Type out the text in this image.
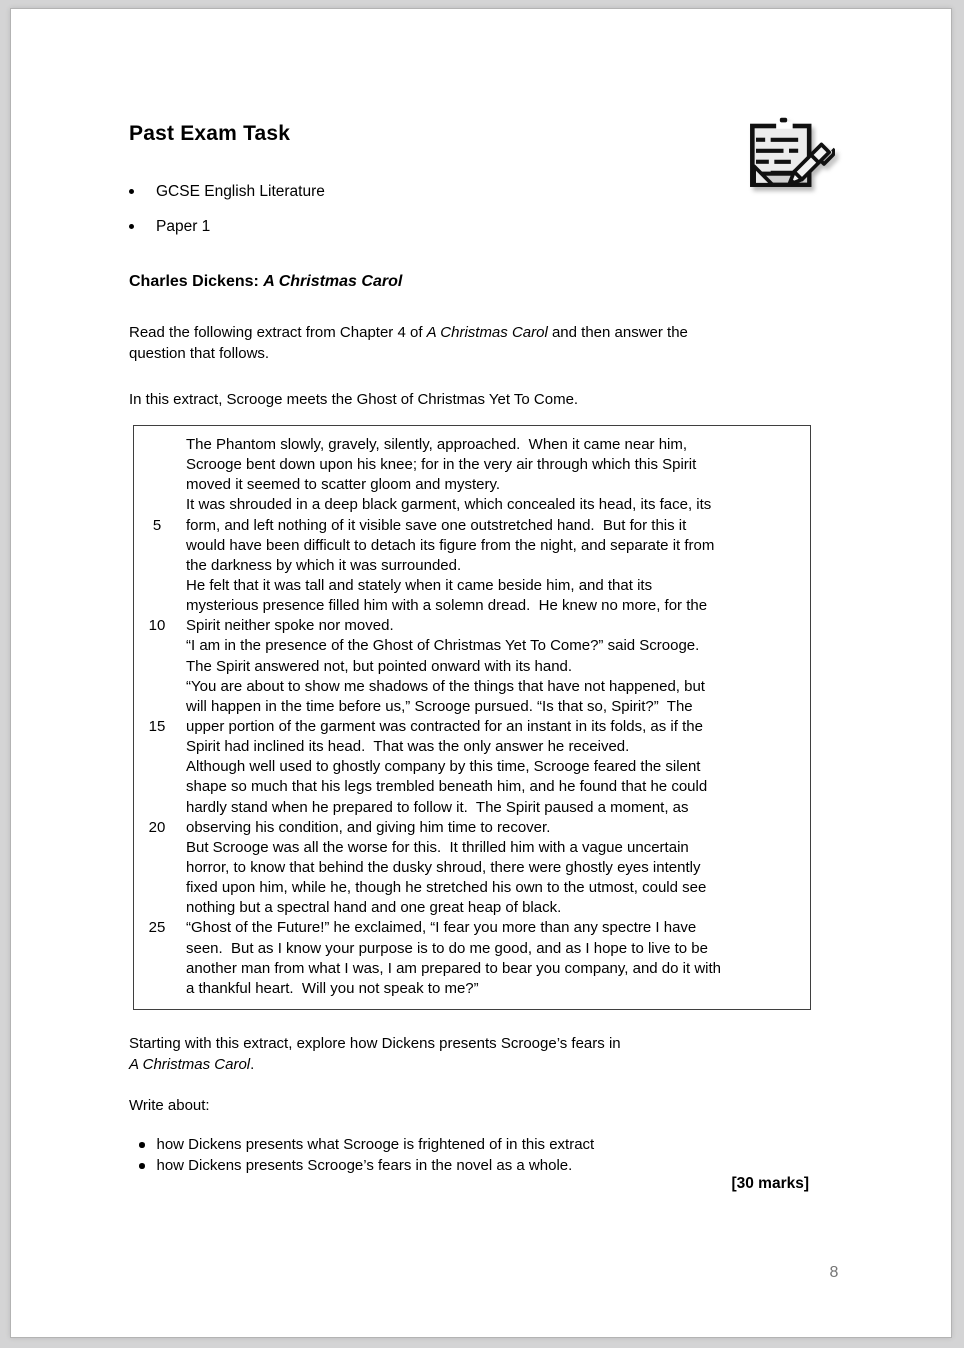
Past Exam Task
GCSE English Literature
Paper 1
Charles Dickens: A Christmas Carol
Read the following extract from Chapter 4 of A Christmas Carol and then answer the
question that follows.
In this extract, Scrooge meets the Ghost of Christmas Yet To Come.
The Phantom slowly, gravely, silently, approached.  When it came near him,
Scrooge bent down upon his knee; for in the very air through which this Spirit
moved it seemed to scatter gloom and mystery.
It was shrouded in a deep black garment, which concealed its head, its face, its
5	form, and left nothing of it visible save one outstretched hand.  But for this it
would have been difficult to detach its figure from the night, and separate it from
the darkness by which it was surrounded.
He felt that it was tall and stately when it came beside him, and that its
mysterious presence filled him with a solemn dread.  He knew no more, for the
10	Spirit neither spoke nor moved.
“I am in the presence of the Ghost of Christmas Yet To Come?” said Scrooge.
The Spirit answered not, but pointed onward with its hand.
“You are about to show me shadows of the things that have not happened, but
will happen in the time before us,” Scrooge pursued. “Is that so, Spirit?”  The
15	upper portion of the garment was contracted for an instant in its folds, as if the
Spirit had inclined its head.  That was the only answer he received.
Although well used to ghostly company by this time, Scrooge feared the silent
shape so much that his legs trembled beneath him, and he found that he could
hardly stand when he prepared to follow it.  The Spirit paused a moment, as
20	observing his condition, and giving him time to recover.
But Scrooge was all the worse for this.  It thrilled him with a vague uncertain
horror, to know that behind the dusky shroud, there were ghostly eyes intently
fixed upon him, while he, though he stretched his own to the utmost, could see
nothing but a spectral hand and one great heap of black.
25	“Ghost of the Future!” he exclaimed, “I fear you more than any spectre I have
seen.  But as I know your purpose is to do me good, and as I hope to live to be
another man from what I was, I am prepared to bear you company, and do it with
a thankful heart.  Will you not speak to me?”
Starting with this extract, explore how Dickens presents Scrooge’s fears in
A Christmas Carol.
Write about:
how Dickens presents what Scrooge is frightened of in this extract
how Dickens presents Scrooge’s fears in the novel as a whole.
[30 marks]
8
